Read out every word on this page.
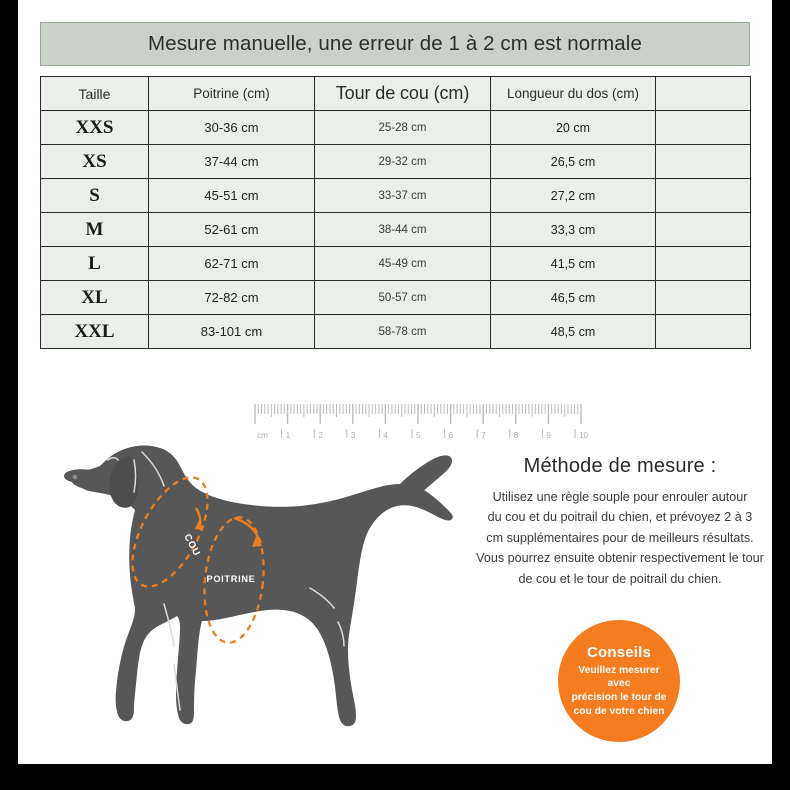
Mesure manuelle, une erreur de 1 à 2 cm est normale
Taille	Poitrine (cm)	Tour de cou (cm)	Longueur du dos (cm)	
XXS	30-36 cm	25-28 cm	20 cm	
XS	37-44 cm	29-32 cm	26,5 cm	
S	45-51 cm	33-37 cm	27,2 cm	
M	52-61 cm	38-44 cm	33,3 cm	
L	62-71 cm	45-49 cm	41,5 cm	
XL	72-82 cm	50-57 cm	46,5 cm	
XXL	83-101 cm	58-78 cm	48,5 cm	
cm 1	2	3	4	5	6	7	8	9	10
COU
POITRINE
Méthode de mesure :
Utilisez une règle souple pour enrouler autour
du cou et du poitrail du chien, et prévoyez 2 à 3
cm supplémentaires pour de meilleurs résultats.
Vous pourrez ensuite obtenir respectivement le tour
de cou et le tour de poitrail du chien.
Conseils
Veuillez mesurer avec
précision le tour de
cou de votre chien
